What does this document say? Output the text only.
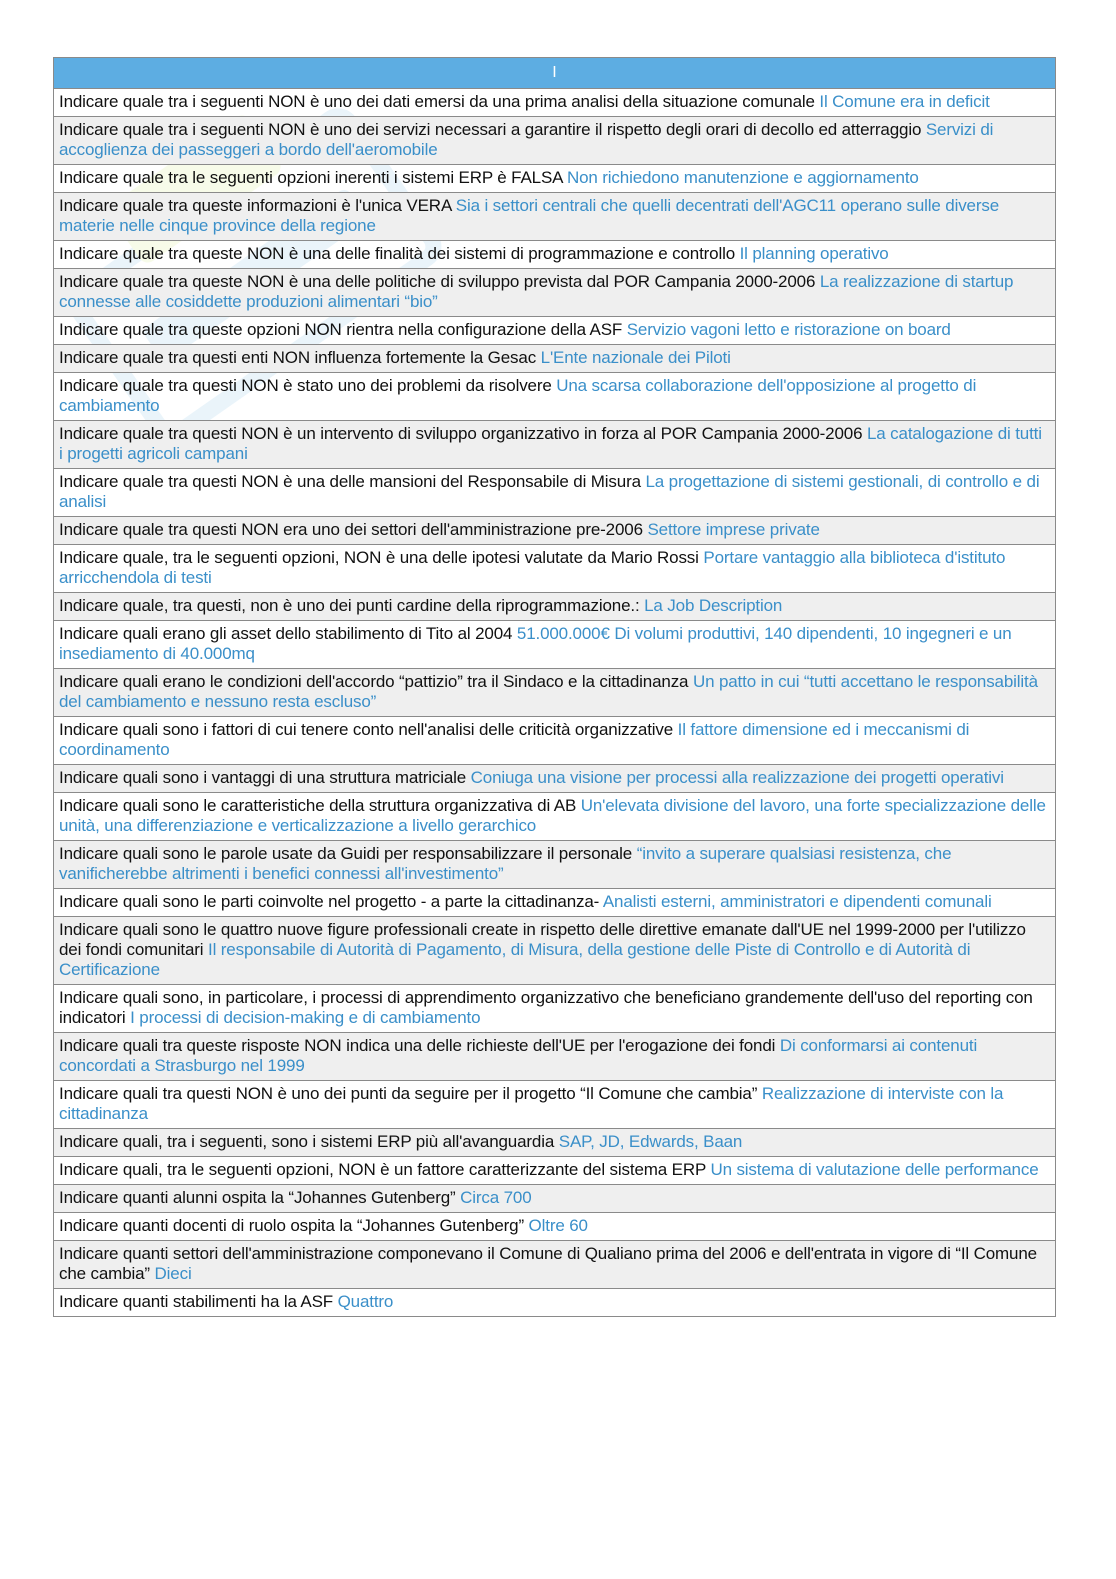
I
Indicare quale tra i seguenti NON è uno dei dati emersi da una prima analisi della situazione comunale Il Comune era in deficit
Indicare quale tra i seguenti NON è uno dei servizi necessari a garantire il rispetto degli orari di decollo ed atterraggio Servizi di accoglienza dei passeggeri a bordo dell'aeromobile
Indicare quale tra le seguenti opzioni inerenti i sistemi ERP è FALSA Non richiedono manutenzione e aggiornamento
Indicare quale tra queste informazioni è l'unica VERA Sia i settori centrali che quelli decentrati dell'AGC11 operano sulle diverse materie nelle cinque province della regione
Indicare quale tra queste NON è una delle finalità dei sistemi di programmazione e controllo Il planning operativo
Indicare quale tra queste NON è una delle politiche di sviluppo prevista dal POR Campania 2000-2006 La realizzazione di startup connesse alle cosiddette produzioni alimentari “bio”
Indicare quale tra queste opzioni NON rientra nella configurazione della ASF Servizio vagoni letto e ristorazione on board
Indicare quale tra questi enti NON influenza fortemente la Gesac L'Ente nazionale dei Piloti
Indicare quale tra questi NON è stato uno dei problemi da risolvere Una scarsa collaborazione dell'opposizione al progetto di cambiamento
Indicare quale tra questi NON è un intervento di sviluppo organizzativo in forza al POR Campania 2000-2006 La catalogazione di tutti i progetti agricoli campani
Indicare quale tra questi NON è una delle mansioni del Responsabile di Misura La progettazione di sistemi gestionali, di controllo e di analisi
Indicare quale tra questi NON era uno dei settori dell'amministrazione pre-2006 Settore imprese private
Indicare quale, tra le seguenti opzioni, NON è una delle ipotesi valutate da Mario Rossi Portare vantaggio alla biblioteca d'istituto arricchendola di testi
Indicare quale, tra questi, non è uno dei punti cardine della riprogrammazione.: La Job Description
Indicare quali erano gli asset dello stabilimento di Tito al 2004 51.000.000€ Di volumi produttivi, 140 dipendenti, 10 ingegneri e un insediamento di 40.000mq
Indicare quali erano le condizioni dell'accordo “pattizio” tra il Sindaco e la cittadinanza Un patto in cui “tutti accettano le responsabilità del cambiamento e nessuno resta escluso”
Indicare quali sono i fattori di cui tenere conto nell'analisi delle criticità organizzative Il fattore dimensione ed i meccanismi di coordinamento
Indicare quali sono i vantaggi di una struttura matriciale Coniuga una visione per processi alla realizzazione dei progetti operativi
Indicare quali sono le caratteristiche della struttura organizzativa di AB Un'elevata divisione del lavoro, una forte specializzazione delle unità, una differenziazione e verticalizzazione a livello gerarchico
Indicare quali sono le parole usate da Guidi per responsabilizzare il personale “invito a superare qualsiasi resistenza, che vanificherebbe altrimenti i benefici connessi all'investimento”
Indicare quali sono le parti coinvolte nel progetto - a parte la cittadinanza- Analisti esterni, amministratori e dipendenti comunali
Indicare quali sono le quattro nuove figure professionali create in rispetto delle direttive emanate dall'UE nel 1999-2000 per l'utilizzo dei fondi comunitari Il responsabile di Autorità di Pagamento, di Misura, della gestione delle Piste di Controllo e di Autorità di Certificazione
Indicare quali sono, in particolare, i processi di apprendimento organizzativo che beneficiano grandemente dell'uso del reporting con indicatori I processi di decision-making e di cambiamento
Indicare quali tra queste risposte NON indica una delle richieste dell'UE per l'erogazione dei fondi Di conformarsi ai contenuti concordati a Strasburgo nel 1999
Indicare quali tra questi NON è uno dei punti da seguire per il progetto “Il Comune che cambia” Realizzazione di interviste con la cittadinanza
Indicare quali, tra i seguenti, sono i sistemi ERP più all'avanguardia SAP, JD, Edwards, Baan
Indicare quali, tra le seguenti opzioni, NON è un fattore caratterizzante del sistema ERP Un sistema di valutazione delle performance
Indicare quanti alunni ospita la “Johannes Gutenberg” Circa 700
Indicare quanti docenti di ruolo ospita la “Johannes Gutenberg” Oltre 60
Indicare quanti settori dell'amministrazione componevano il Comune di Qualiano prima del 2006 e dell'entrata in vigore di “Il Comune che cambia” Dieci
Indicare quanti stabilimenti ha la ASF Quattro
